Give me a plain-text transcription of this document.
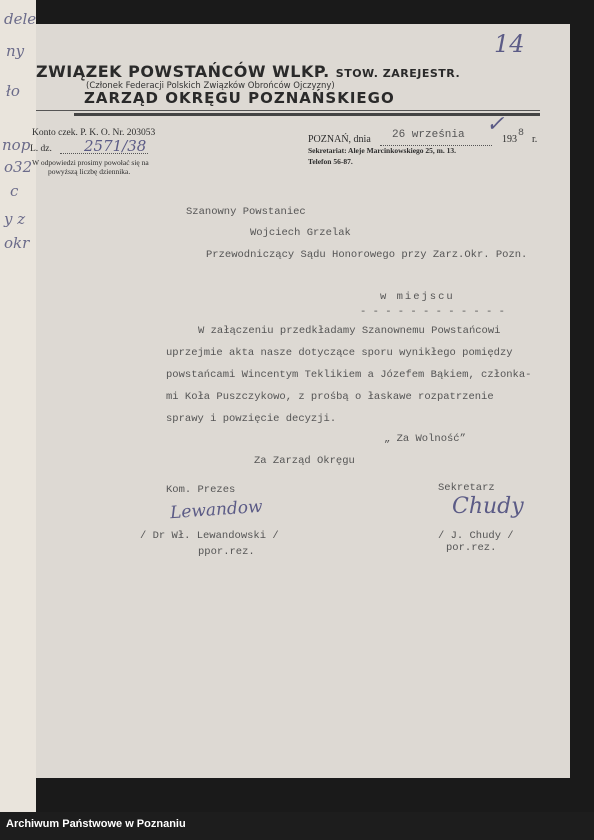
dele
ny
ło
nop
o32
c
y z
okr
14
ZWIĄZEK POWSTAŃCÓW WLKP. STOW. ZAREJESTR.
(Członek Federacji Polskich Związków Obrońców Ojczyzny)
ZARZĄD OKRĘGU POZNAŃSKIEGO
Konto czek. P. K. O. Nr. 203053
L. dz. 2571/38
W odpowiedzi prosimy powołać się na
powyższą liczbę dziennika.
POZNAŃ, dnia 26 września	193
8
r.
✓
Sekretariat: Aleje Marcinkowskiego 25, m. 13.
Telefon 56-87.
Szanowny Powstaniec
Wojciech Grzelak
Przewodniczący Sądu Honorowego przy Zarz.Okr. Pozn.
w miejscu
- - - - - - - - - - - -
W załączeniu przedkładamy Szanownemu Powstańcowi
uprzejmie akta nasze dotyczące sporu wynikłego pomiędzy
powstańcami Wincentym Teklikiem a Józefem Bąkiem, członka-
mi Koła Puszczykowo, z prośbą o łaskawe rozpatrzenie
sprawy i powzięcie decyzji.
„ Za Wolność”
Za Zarząd Okręgu
Kom. Prezes
Lewandow
/ Dr Wł. Lewandowski /
ppor.rez.
Sekretarz
Chudy
/ J. Chudy /
por.rez.
Archiwum Państwowe w Poznaniu
